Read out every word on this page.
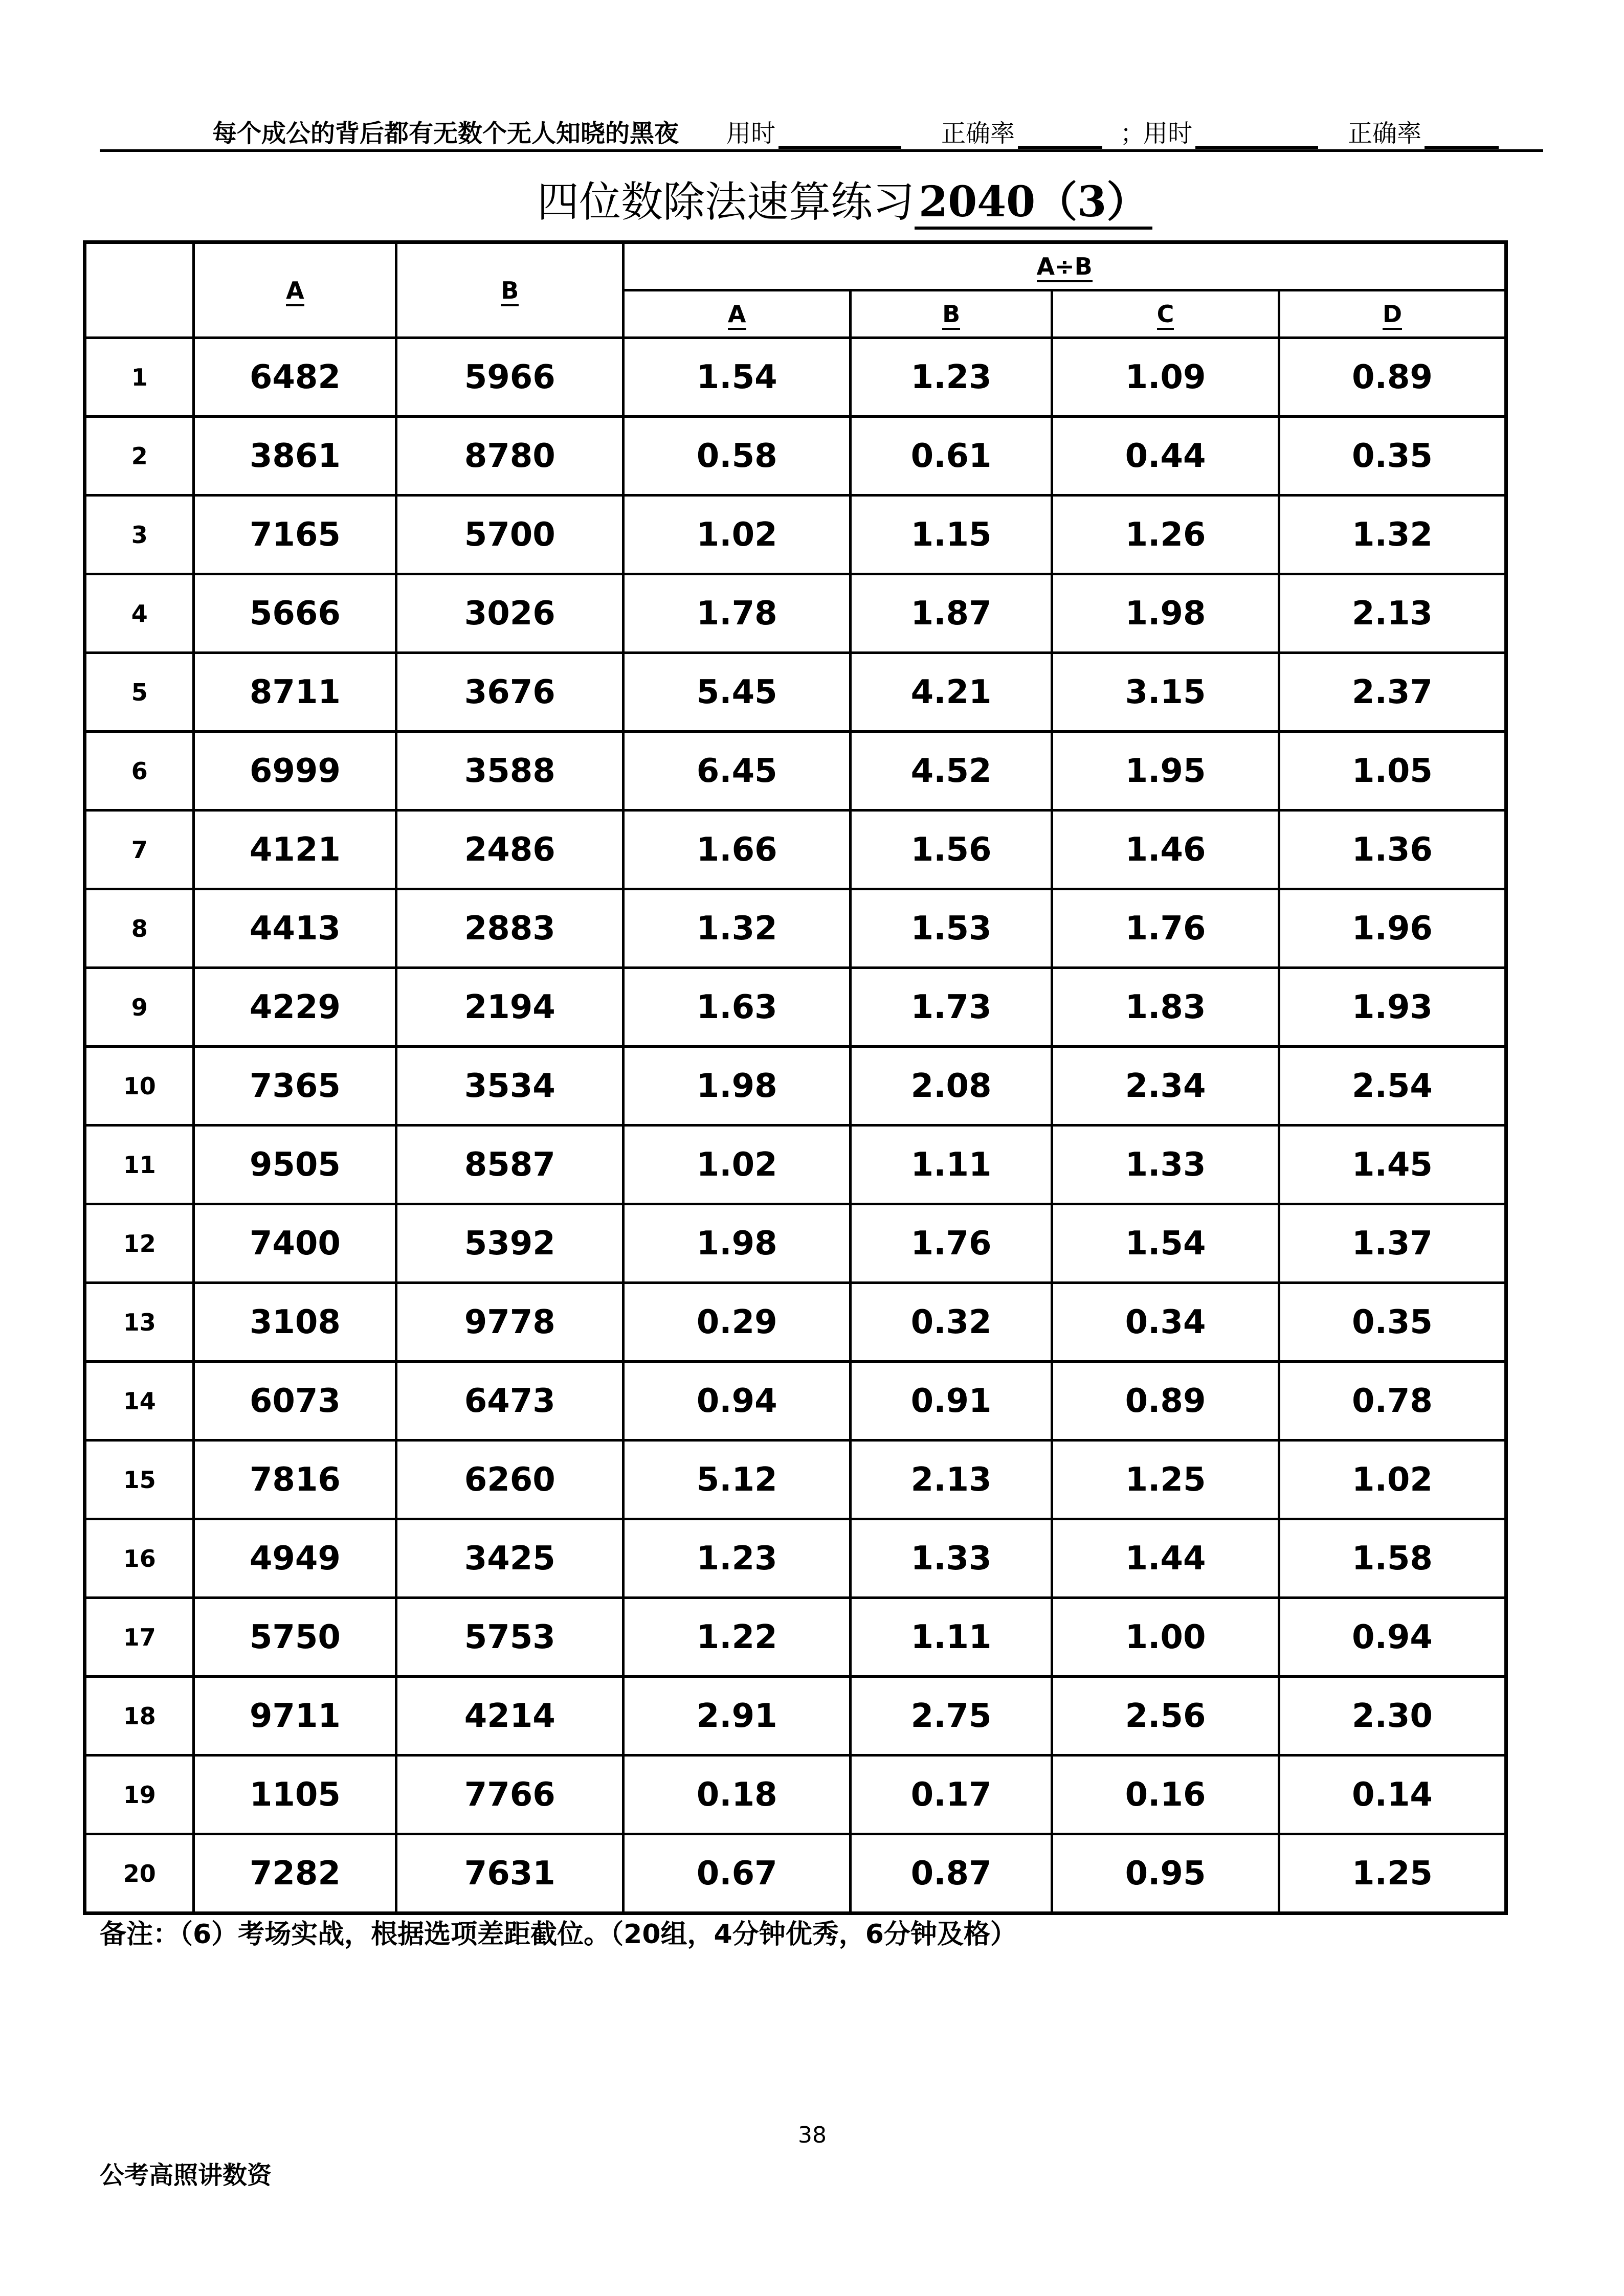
每个成公的背后都有无数个无人知晓的黑夜 用时	正确率	；
用时	正确率
四位数除法速算练习2040（3）
	A	B	A÷B			
			A	B	C	D
1	6482	5966	1.54	1.23	1.09	0.89
2	3861	8780	0.58	0.61	0.44	0.35
3	7165	5700	1.02	1.15	1.26	1.32
4	5666	3026	1.78	1.87	1.98	2.13
5	8711	3676	5.45	4.21	3.15	2.37
6	6999	3588	6.45	4.52	1.95	1.05
7	4121	2486	1.66	1.56	1.46	1.36
8	4413	2883	1.32	1.53	1.76	1.96
9	4229	2194	1.63	1.73	1.83	1.93
10	7365	3534	1.98	2.08	2.34	2.54
11	9505	8587	1.02	1.11	1.33	1.45
12	7400	5392	1.98	1.76	1.54	1.37
13	3108	9778	0.29	0.32	0.34	0.35
14	6073	6473	0.94	0.91	0.89	0.78
15	7816	6260	5.12	2.13	1.25	1.02
16	4949	3425	1.23	1.33	1.44	1.58
17	5750	5753	1.22	1.11	1.00	0.94
18	9711	4214	2.91	2.75	2.56	2.30
19	1105	7766	0.18	0.17	0.16	0.14
20	7282	7631	0.67	0.87	0.95	1.25
备注：（6）考场实战，根据选项差距截位。（20组，4分钟优秀，6分钟及格）
38
公考高照讲数资
